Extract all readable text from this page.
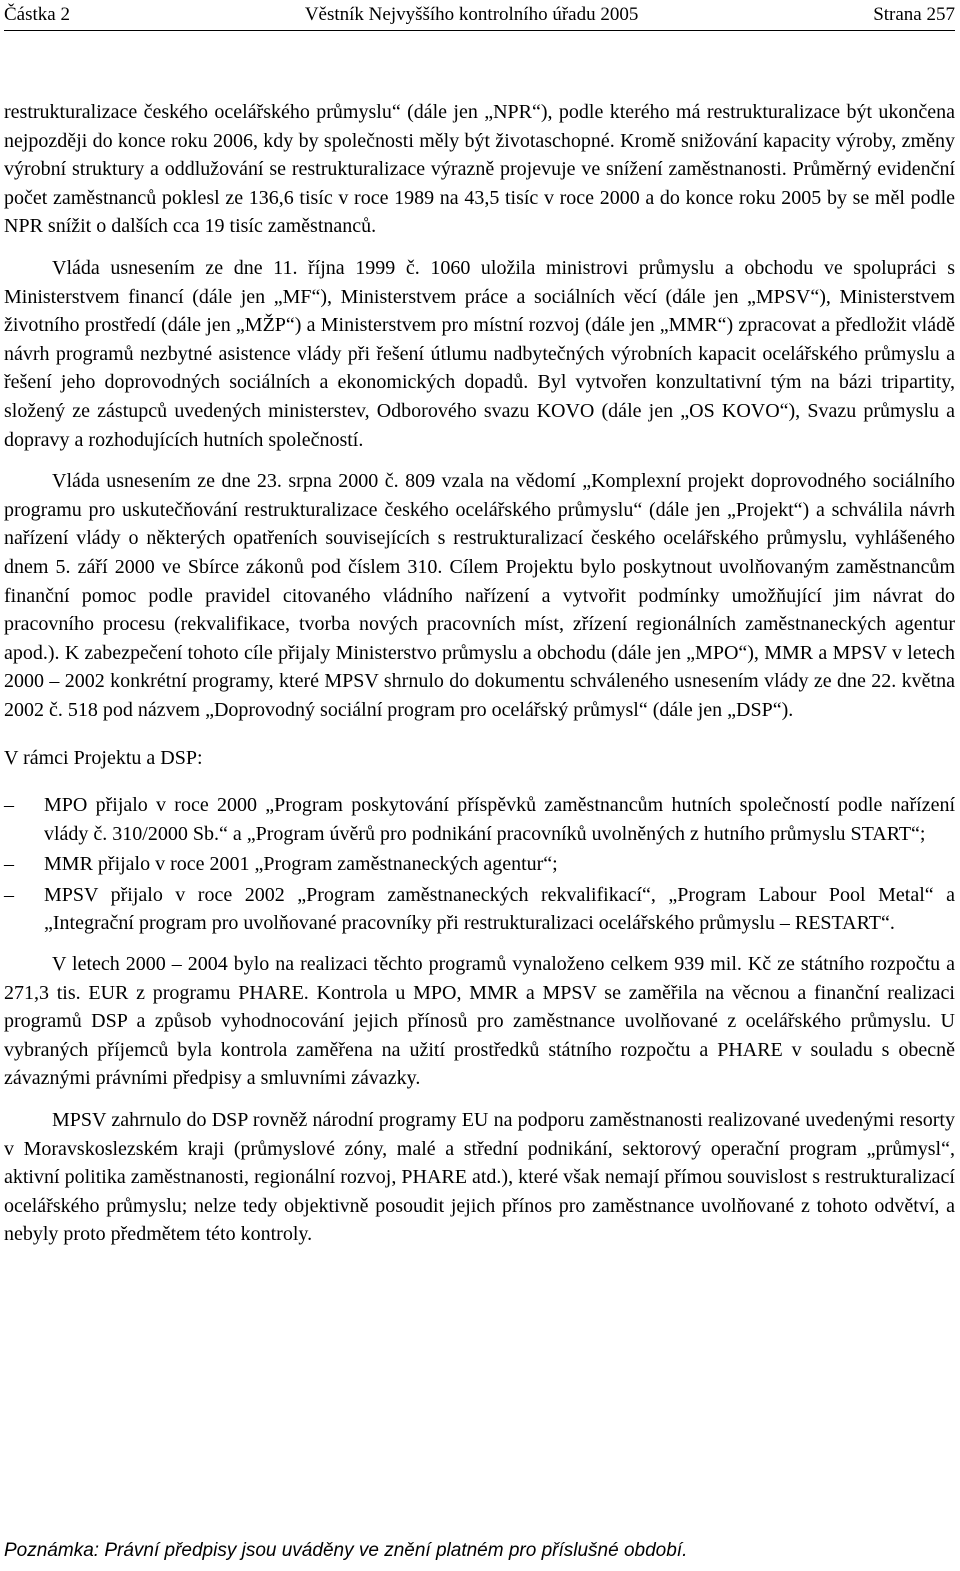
Částka 2	Věstník Nejvyššího kontrolního úřadu 2005	Strana 257

restrukturalizace českého ocelářského průmyslu“ (dále jen „NPR“), podle kterého má restrukturalizace být ukončena nejpozději do konce roku 2006, kdy by společnosti měly být životaschopné. Kromě snižování kapacity výroby, změny výrobní struktury a oddlužování se restrukturalizace výrazně projevuje ve snížení zaměstnanosti. Průměrný evidenční počet zaměstnanců poklesl ze 136,6 tisíc v roce 1989 na 43,5 tisíc v roce 2000 a do konce roku 2005 by se měl podle NPR snížit o dalších cca 19 tisíc zaměstnanců.

Vláda usnesením ze dne 11. října 1999 č. 1060 uložila ministrovi průmyslu a obchodu ve spolupráci s Ministerstvem financí (dále jen „MF“), Ministerstvem práce a sociálních věcí (dále jen „MPSV“), Ministerstvem životního prostředí (dále jen „MŽP“) a Ministerstvem pro místní rozvoj (dále jen „MMR“) zpracovat a předložit vládě návrh programů nezbytné asistence vlády při řešení útlumu nadbytečných výrobních kapacit ocelářského průmyslu a řešení jeho doprovodných sociálních a ekonomických dopadů. Byl vytvořen konzultativní tým na bázi tripartity, složený ze zástupců uvedených ministerstev, Odborového svazu KOVO (dále jen „OS KOVO“), Svazu průmyslu a dopravy a rozhodujících hutních společností.

Vláda usnesením ze dne 23. srpna 2000 č. 809 vzala na vědomí „Komplexní projekt doprovodného sociálního programu pro uskutečňování restrukturalizace českého ocelářského průmyslu“ (dále jen „Projekt“) a schválila návrh nařízení vlády o některých opatřeních souvisejících s restrukturalizací českého ocelářského průmyslu, vyhlášeného dnem 5. září 2000 ve Sbírce zákonů pod číslem 310. Cílem Projektu bylo poskytnout uvolňovaným zaměstnancům finanční pomoc podle pravidel citovaného vládního nařízení a vytvořit podmínky umožňující jim návrat do pracovního procesu (rekvalifikace, tvorba nových pracovních míst, zřízení regionálních zaměstnaneckých agentur apod.). K zabezpečení tohoto cíle přijaly Ministerstvo průmyslu a obchodu (dále jen „MPO“), MMR a MPSV v letech 2000 – 2002 konkrétní programy, které MPSV shrnulo do dokumentu schváleného usnesením vlády ze dne 22. května 2002 č. 518 pod názvem „Doprovodný sociální program pro ocelářský průmysl“ (dále jen „DSP“).

V rámci Projektu a DSP:

–	MPO přijalo v roce 2000 „Program poskytování příspěvků zaměstnancům hutních společností podle nařízení vlády č. 310/2000 Sb.“ a „Program úvěrů pro podnikání pracovníků uvolněných z hutního průmyslu START“;
–	MMR přijalo v roce 2001 „Program zaměstnaneckých agentur“;
–	MPSV přijalo v roce 2002 „Program zaměstnaneckých rekvalifikací“, „Program Labour Pool Metal“ a „Integrační program pro uvolňované pracovníky při restrukturalizaci ocelářského průmyslu – RESTART“.

V letech 2000 – 2004 bylo na realizaci těchto programů vynaloženo celkem 939 mil. Kč ze státního rozpočtu a 271,3 tis. EUR z programu PHARE. Kontrola u MPO, MMR a MPSV se zaměřila na věcnou a finanční realizaci programů DSP a způsob vyhodnocování jejich přínosů pro zaměstnance uvolňované z ocelářského průmyslu. U vybraných příjemců byla kontrola zaměřena na užití prostředků státního rozpočtu a PHARE v souladu s obecně závaznými právními předpisy a smluvními závazky.

MPSV zahrnulo do DSP rovněž národní programy EU na podporu zaměstnanosti realizované uvedenými resorty v Moravskoslezském kraji (průmyslové zóny, malé a střední podnikání, sektorový operační program „průmysl“, aktivní politika zaměstnanosti, regionální rozvoj, PHARE atd.), které však nemají přímou souvislost s restrukturalizací ocelářského průmyslu; nelze tedy objektivně posoudit jejich přínos pro zaměstnance uvolňované z tohoto odvětví, a nebyly proto předmětem této kontroly.

Poznámka: Právní předpisy jsou uváděny ve znění platném pro příslušné období.
